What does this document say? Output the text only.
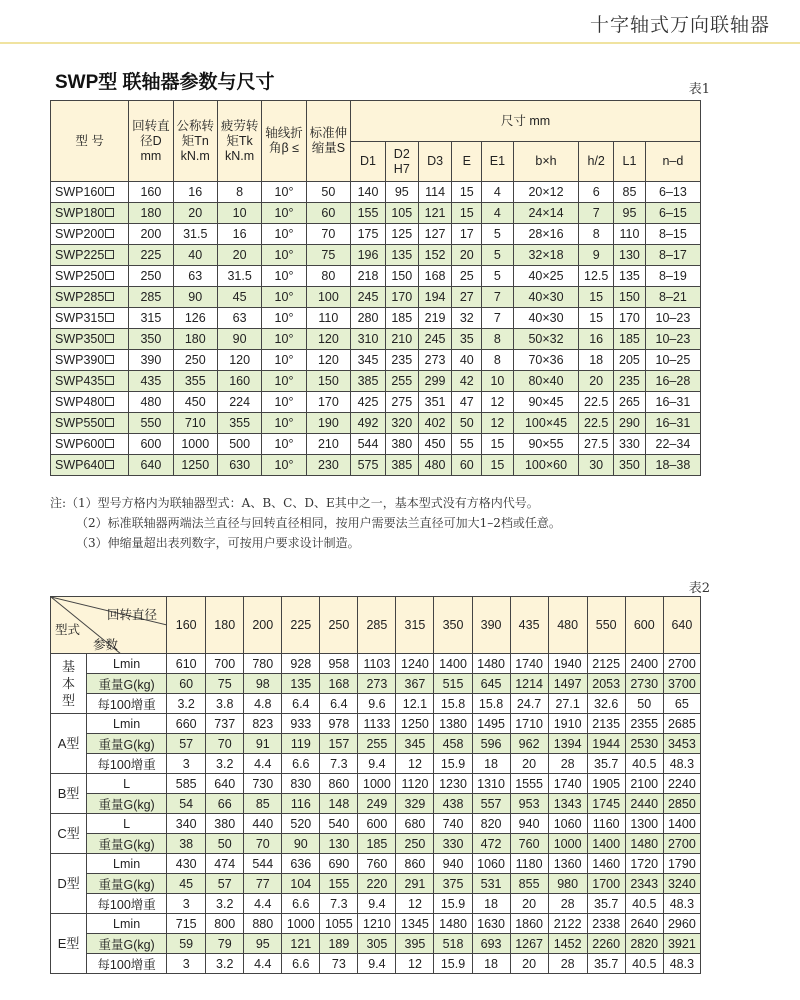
十字轴式万向联轴器
SWP型 联轴器参数与尺寸	表1
型 号	回转直径D mm	公称转矩Tn kN.m	疲劳转矩Tk kN.m	轴线折角β ≤	标准伸缩量S	尺寸 mm								
						D1	D2 H7	D3	E	E1	b×h	h/2	L1	n–d
SWP160	160	16	8	10°	50	140	95	114	15	4	20×12	6	85	6–13
SWP180	180	20	10	10°	60	155	105	121	15	4	24×14	7	95	6–15
SWP200	200	31.5	16	10°	70	175	125	127	17	5	28×16	8	110	8–15
SWP225	225	40	20	10°	75	196	135	152	20	5	32×18	9	130	8–17
SWP250	250	63	31.5	10°	80	218	150	168	25	5	40×25	12.5	135	8–19
SWP285	285	90	45	10°	100	245	170	194	27	7	40×30	15	150	8–21
SWP315	315	126	63	10°	110	280	185	219	32	7	40×30	15	170	10–23
SWP350	350	180	90	10°	120	310	210	245	35	8	50×32	16	185	10–23
SWP390	390	250	120	10°	120	345	235	273	40	8	70×36	18	205	10–25
SWP435	435	355	160	10°	150	385	255	299	42	10	80×40	20	235	16–28
SWP480	480	450	224	10°	170	425	275	351	47	12	90×45	22.5	265	16–31
SWP550	550	710	355	10°	190	492	320	402	50	12	100×45	22.5	290	16–31
SWP600	600	1000	500	10°	210	544	380	450	55	15	90×55	27.5	330	22–34
SWP640	640	1250	630	10°	230	575	385	480	60	15	100×60	30	350	18–38
注:（1）型号方格内为联轴器型式：A、B、C、D、E其中之一，基本型式没有方格内代号。
（2）标准联轴器两端法兰直径与回转直径相同，按用户需要法兰直径可加大1–2档或任意。
（3）伸缩量超出表列数字，可按用户要求设计制造。
表2
回转直径
型式
参数		160	180	200	225	250	285	315	350	390	435	480	550	600	640

基
本
型	Lmin	610	700	780	928	958	1103	1240	1400	1480	1740	1940	2125	2400	2700
	重量G(kg)	60	75	98	135	168	273	367	515	645	1214	1497	2053	2730	3700
	每100增重	3.2	3.8	4.8	6.4	6.4	9.6	12.1	15.8	15.8	24.7	27.1	32.6	50	65
A型	Lmin	660	737	823	933	978	1133	1250	1380	1495	1710	1910	2135	2355	2685
	重量G(kg)	57	70	91	119	157	255	345	458	596	962	1394	1944	2530	3453
	每100增重	3	3.2	4.4	6.6	7.3	9.4	12	15.9	18	20	28	35.7	40.5	48.3
B型	L	585	640	730	830	860	1000	1120	1230	1310	1555	1740	1905	2100	2240
	重量G(kg)	54	66	85	116	148	249	329	438	557	953	1343	1745	2440	2850
C型	L	340	380	440	520	540	600	680	740	820	940	1060	1160	1300	1400
	重量G(kg)	38	50	70	90	130	185	250	330	472	760	1000	1400	1480	2700
D型	Lmin	430	474	544	636	690	760	860	940	1060	1180	1360	1460	1720	1790
	重量G(kg)	45	57	77	104	155	220	291	375	531	855	980	1700	2343	3240
	每100增重	3	3.2	4.4	6.6	7.3	9.4	12	15.9	18	20	28	35.7	40.5	48.3
E型	Lmin	715	800	880	1000	1055	1210	1345	1480	1630	1860	2122	2338	2640	2960
	重量G(kg)	59	79	95	121	189	305	395	518	693	1267	1452	2260	2820	3921
	每100增重	3	3.2	4.4	6.6	73	9.4	12	15.9	18	20	28	35.7	40.5	48.3
